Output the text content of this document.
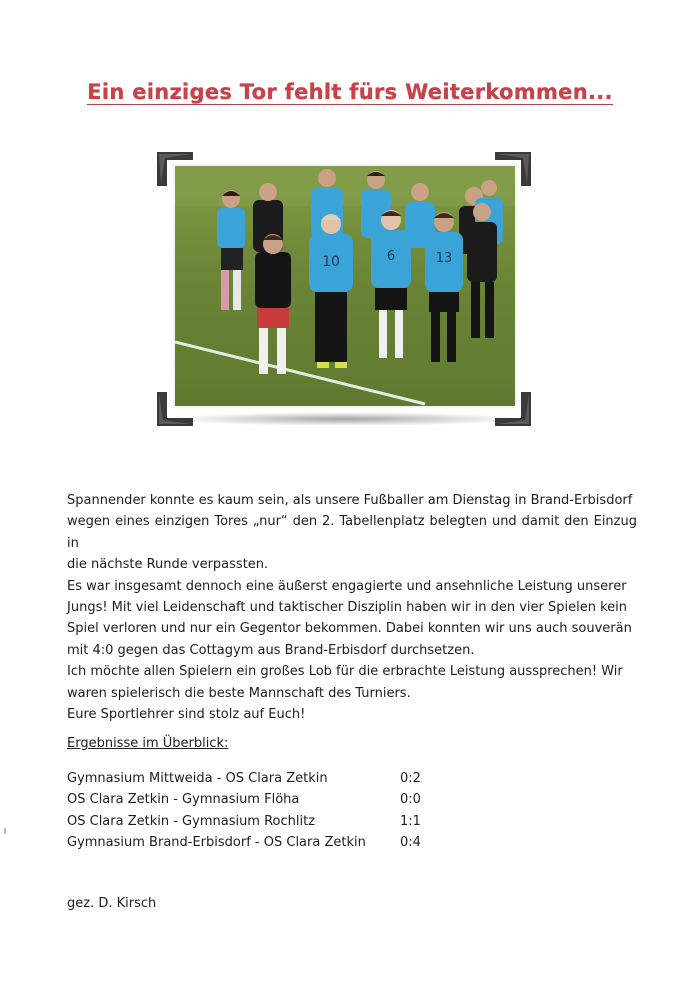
Ein einziges Tor fehlt fürs Weiterkommen...
10	6	13

Spannender konnte es kaum sein, als unsere Fußballer am Dienstag in Brand-Erbisdorf

wegen eines einzigen Tores „nur“ den 2. Tabellenplatz belegten und damit den Einzug in

die nächste Runde verpassten.

Es war insgesamt dennoch eine äußerst engagierte und ansehnliche Leistung unserer

Jungs! Mit viel Leidenschaft und taktischer Disziplin haben wir in den vier Spielen kein

Spiel verloren und nur ein Gegentor bekommen. Dabei konnten wir uns auch souverän

mit 4:0 gegen das Cottagym aus Brand-Erbisdorf durchsetzen.

Ich möchte allen Spielern ein großes Lob für die erbrachte Leistung aussprechen! Wir

waren spielerisch die beste Mannschaft des Turniers.

Eure Sportlehrer sind stolz auf Euch!

Ergebnisse im Überblick:
Gymnasium Mittweida - OS Clara Zetkin	0:2
OS Clara Zetkin - Gymnasium Flöha	0:0
OS Clara Zetkin - Gymnasium Rochlitz	1:1
Gymnasium Brand-Erbisdorf - OS Clara Zetkin	0:4
gez. D. Kirsch
